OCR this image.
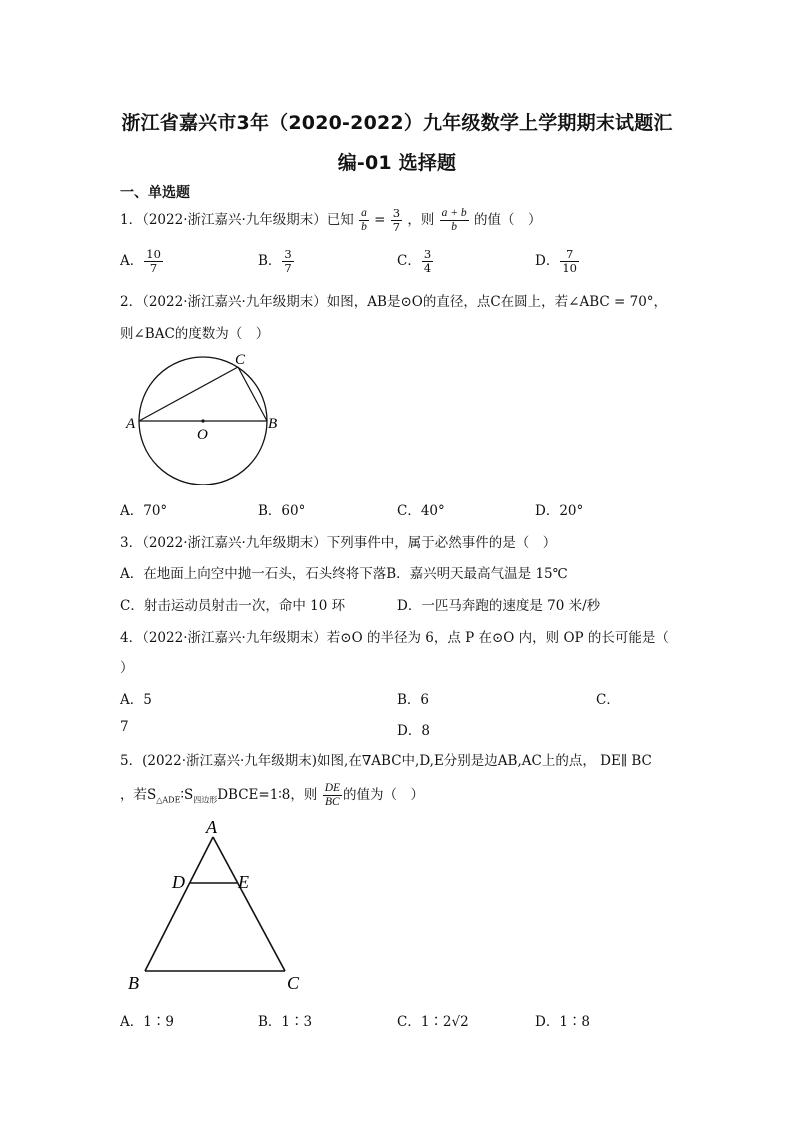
浙江省嘉兴市3年（2020-2022）九年级数学上学期期末试题汇
编-01 选择题
一、单选题
1．（2022·浙江嘉兴·九年级期末）已知 $\frac{a}{b} = \frac{3}{7}$ ，则 $\frac{a + b}{b}$ 的值（　）
A． $\frac{10}{7}$	B． $\frac{3}{7}$	C． $\frac{3}{4}$	D． $\frac{7}{10}$
2．（2022·浙江嘉兴·九年级期末）如图，AB是⊙O的直径，点C在圆上，若∠ABC = 70°，
则∠BAC的度数为（　）
A	B
C
O
A．70°	B．60°	C．40°	D．20°
3．（2022·浙江嘉兴·九年级期末）下列事件中，属于必然事件的是（　）
A．在地面上向空中抛一石头，石头终将下落B．嘉兴明天最高气温是 15℃
C．射击运动员射击一次，命中 10 环	D．一匹马奔跑的速度是 70 米/秒
4．（2022·浙江嘉兴·九年级期末）若⊙O 的半径为 6，点 P 在⊙O 内，则 OP 的长可能是（
）
A．5	B．6	C．
7	D．8
5．(2022·浙江嘉兴·九年级期末)如图,在∇ABC中,D,E分别是边AB,AC上的点， DE∥ BC
，若$S_{\triangle ADE}∶S_{四边形}DBCE=1∶8$，则 $\frac{DE}{BC}$ 的值为（　）
A
B	C
D	E
A．1∶9	B．1∶3	C．1∶2√2	D．1∶8
